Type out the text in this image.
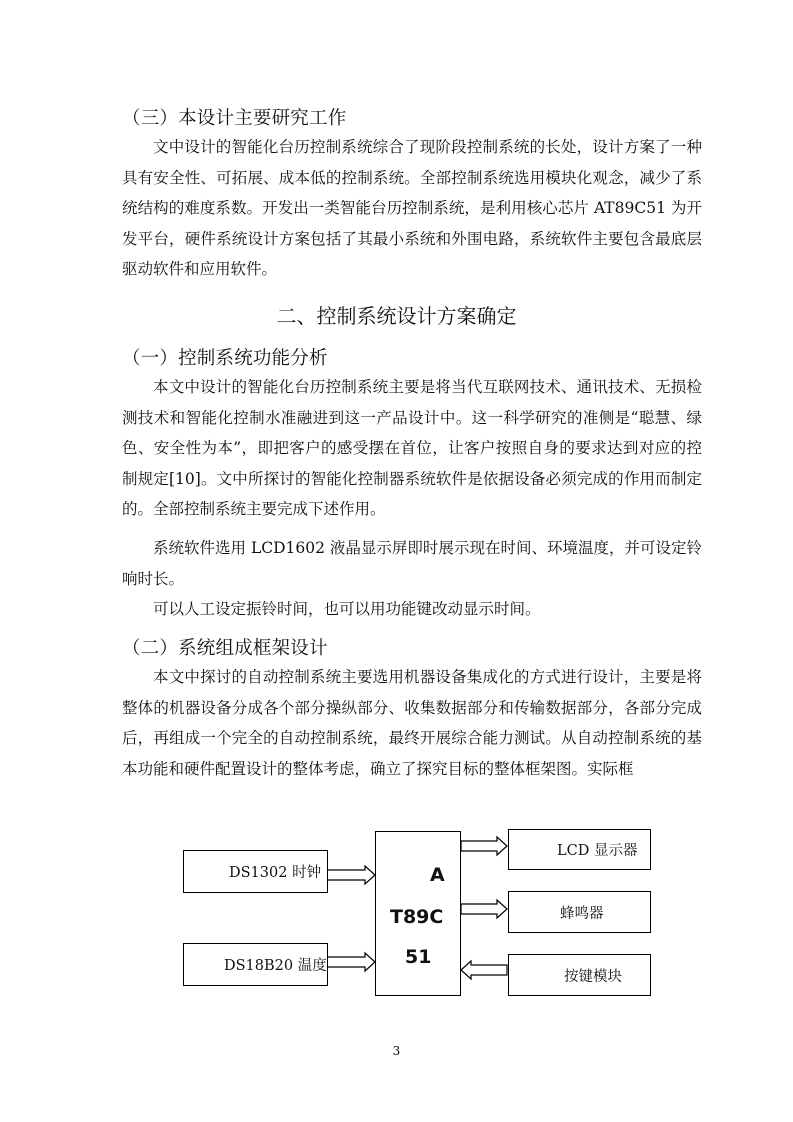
（三）本设计主要研究工作

文中设计的智能化台历控制系统综合了现阶段控制系统的长处，设计方案了一种具有安全性、可拓展、成本低的控制系统。全部控制系统选用模块化观念，减少了系统结构的难度系数。开发出一类智能台历控制系统，是利用核心芯片 AT89C51 为开发平台，硬件系统设计方案包括了其最小系统和外围电路，系统软件主要包含最底层驱动软件和应用软件。

二、控制系统设计方案确定
（一）控制系统功能分析

本文中设计的智能化台历控制系统主要是将当代互联网技术、通讯技术、无损检测技术和智能化控制水准融进到这一产品设计中。这一科学研究的准侧是“聪慧、绿色、安全性为本”，即把客户的感受摆在首位，让客户按照自身的要求达到对应的控制规定[10]。文中所探讨的智能化控制器系统软件是依据设备必须完成的作用而制定的。全部控制系统主要完成下述作用。

系统软件选用 LCD1602 液晶显示屏即时展示现在时间、环境温度，并可设定铃响时长。

可以人工设定振铃时间，也可以用功能键改动显示时间。

（二）系统组成框架设计

本文中探讨的自动控制系统主要选用机器设备集成化的方式进行设计，主要是将整体的机器设备分成各个部分操纵部分、收集数据部分和传输数据部分，各部分完成后，再组成一个完全的自动控制系统，最终开展综合能力测试。从自动控制系统的基本功能和硬件配置设计的整体考虑，确立了探究目标的整体框架图。实际框

DS1302 时钟
DS18B20 温度
A
T89C
51
LCD 显示器
蜂鸣器
按键模块
3
